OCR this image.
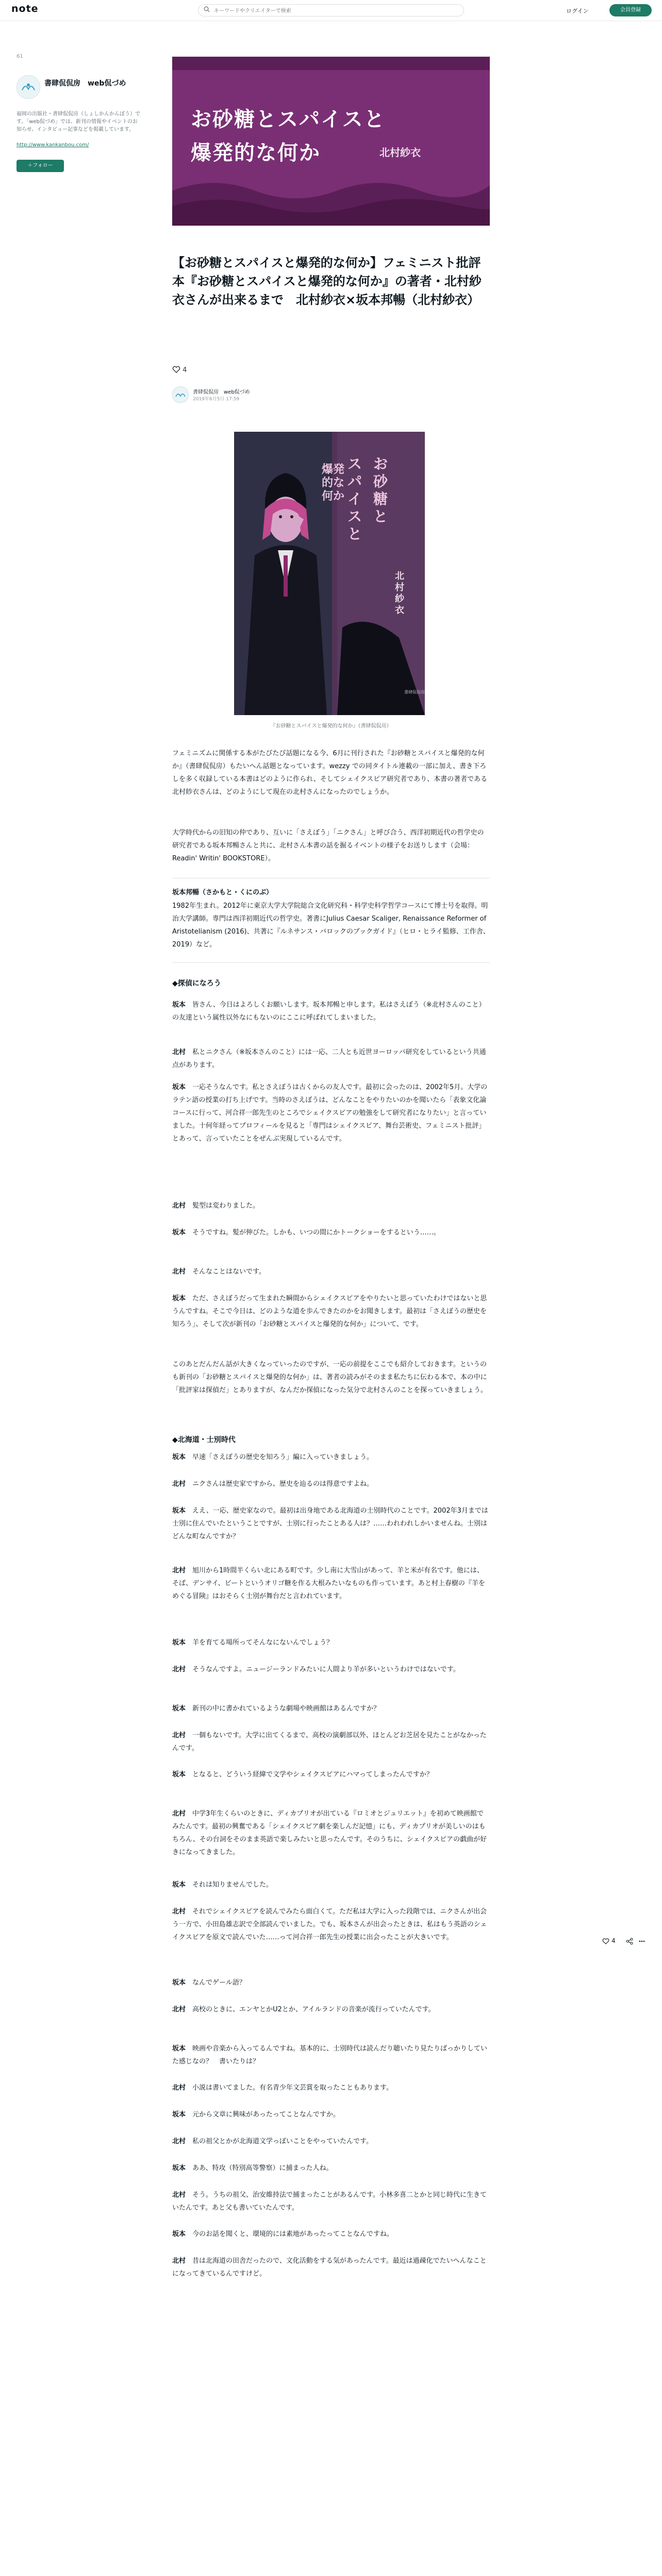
note
キーワードやクリエイターで検索	ログイン	会員登録
61
書肆侃侃房　web侃づめ
福岡の出版社・書肆侃侃房（しょしかんかんぼう）です。「web侃づめ」では、新刊の情報やイベントのお知らせ、インタビュー記事などを掲載しています。
http://www.kankanbou.com/
＋フォロー
お砂糖とスパイスと
爆発的な何か	北村紗衣
【お砂糖とスパイスと爆発的な何か】フェミニスト批評本『お砂糖とスパイスと爆発的な何か』の著者・北村紗衣さんが出来るまで　北村紗衣×坂本邦暢（北村紗衣）
4
書肆侃侃房　web侃づめ
2019年6月5日 17:59
お砂糖と
スパイスと
爆発的な何か
北村紗衣
書肆侃侃房
『お砂糖とスパイスと爆発的な何か』（書肆侃侃房）
フェミニズムに関係する本がたびたび話題になる今、6月に刊行された『お砂糖とスパイスと爆発的な何か』（書肆侃侃房）もたいへん話題となっています。wezzy での同タイトル連載の一部に加え、書き下ろしを多く収録している本書はどのように作られ、そしてシェイクスピア研究者であり、本書の著者である北村紗衣さんは、どのようにして現在の北村さんになったのでしょうか。
大学時代からの旧知の仲であり、互いに「さえぼう」「ニクさん」と呼び合う、西洋初期近代の哲学史の研究者である坂本邦暢さんと共に、北村さん本書の話を掘るイベントの様子をお送りします（会場：Readin' Writin' BOOKSTORE）。
坂本邦暢（さかもと・くにのぶ）
1982年生まれ。2012年に東京大学大学院総合文化研究科・科学史科学哲学コースにて博士号を取得。明治大学講師。専門は西洋初期近代の哲学史。著書にJulius Caesar Scaliger, Renaissance Reformer of Aristotelianism (2016)、共著に『ルネサンス・バロックのブックガイド』（ヒロ・ヒライ監修、工作舎、2019）など。
◆探偵になろう
坂本　 皆さん、今日はよろしくお願いします。坂本邦暢と申します。私はさえぼう（※北村さんのこと）の友達という属性以外なにもないのにここに呼ばれてしまいました。
北村　 私とニクさん（※坂本さんのこと）には一応、二人とも近世ヨーロッパ研究をしているという共通点があります。
坂本　 一応そうなんです。私とさえぼうは古くからの友人です。最初に会ったのは、2002年5月。大学のラテン語の授業の打ち上げです。当時のさえぼうは、どんなことをやりたいのかを聞いたら「表象文化論コースに行って、河合祥一郎先生のところでシェイクスピアの勉強をして研究者になりたい」と言っていました。十何年経ってプロフィールを見ると「専門はシェイクスピア、舞台芸術史、フェミニスト批評」とあって、言っていたことをぜんぶ実現しているんです。
北村　 髪型は変わりました。
坂本　 そうですね。髪が伸びた。しかも、いつの間にかトークショーをするという……。
北村　 そんなことはないです。
坂本　 ただ、さえぼうだって生まれた瞬間からシェイクスピアをやりたいと思っていたわけではないと思うんですね。そこで今日は、どのような道を歩んできたのかをお聞きします。最初は「さえぼうの歴史を知ろう」、そして次が新刊の「お砂糖とスパイスと爆発的な何か」について、です。
このあとだんだん話が大きくなっていったのですが、一応の前提をここでも紹介しておきます。というのも新刊の「お砂糖とスパイスと爆発的な何か」は、著者の読みがそのまま私たちに伝わる本で、本の中に「批評家は探偵だ」とありますが、なんだか探偵になった気分で北村さんのことを探っていきましょう。
◆北海道・士別時代
坂本　 早速「さえぼうの歴史を知ろう」編に入っていきましょう。
北村　 ニクさんは歴史家ですから、歴史を辿るのは得意ですよね。
坂本　 ええ、一応、歴史家なので。最初は出身地である北海道の士別時代のことです。2002年3月までは士別に住んでいたということですが、士別に行ったことある人は？……われわれしかいませんね。士別はどんな町なんですか？
北村　 旭川から1時間半くらい北にある町です。少し南に大雪山があって、羊と米が有名です。他には、そば、デンサイ、ビートというオリゴ糖を作る大根みたいなものも作っています。あと村上春樹の『羊をめぐる冒険』はおそらく士別が舞台だと言われています。
坂本　 羊を育てる場所ってそんなにないんでしょう？
北村　 そうなんですよ。ニュージーランドみたいに人間より羊が多いというわけではないです。
坂本　 新刊の中に書かれているような劇場や映画館はあるんですか？
北村　 一個もないです。大学に出てくるまで、高校の演劇部以外、ほとんどお芝居を見たことがなかったんです。
坂本　 となると、どういう経緯で文学やシェイクスピアにハマってしまったんですか？
北村　 中学3年生くらいのときに、ディカプリオが出ている『ロミオとジュリエット』を初めて映画館でみたんです。最初の興奮である「シェイクスピア劇を楽しんだ記憶」にも、ディカプリオが美しいのはもちろん、その台詞をそのまま英語で楽しみたいと思ったんです。そのうちに、シェイクスピアの戯曲が好きになってきました。
坂本　 それは知りませんでした。
北村　 それでシェイクスピアを読んでみたら面白くて。ただ私は大学に入った段階では、ニクさんが出会う一方で、小田島雄志訳で全部読んでいました。でも、坂本さんが出会ったときは、私はもう英語のシェイクスピアを原文で読んでいた……って河合祥一郎先生の授業に出会ったことが大きいです。
坂本　 なんでゲール語？
北村　 高校のときに、エンヤとかU2とか、アイルランドの音楽が流行っていたんです。
坂本　 映画や音楽から入ってるんですね。基本的に、士別時代は読んだり聴いたり見たりばっかりしていた感じなの？　書いたりは？
北村　 小説は書いてました。有名青少年文芸賞を取ったこともあります。
坂本　 元から文章に興味があったってことなんですか。
北村　 私の祖父とかが北海道文学っぽいことをやっていたんです。
坂本　 ああ、特攻（特別高等警察）に捕まった人ね。
北村　 そう。うちの祖父、治安維持法で捕まったことがあるんです。小林多喜二とかと同じ時代に生きていたんです。あと父も書いていたんです。
坂本　 今のお話を聞くと、環境的には素地があったってことなんですね。
北村　 昔は北海道の田舎だったので、文化活動をする気があったんです。最近は過疎化でたいへんなことになってきているんですけど。
4
